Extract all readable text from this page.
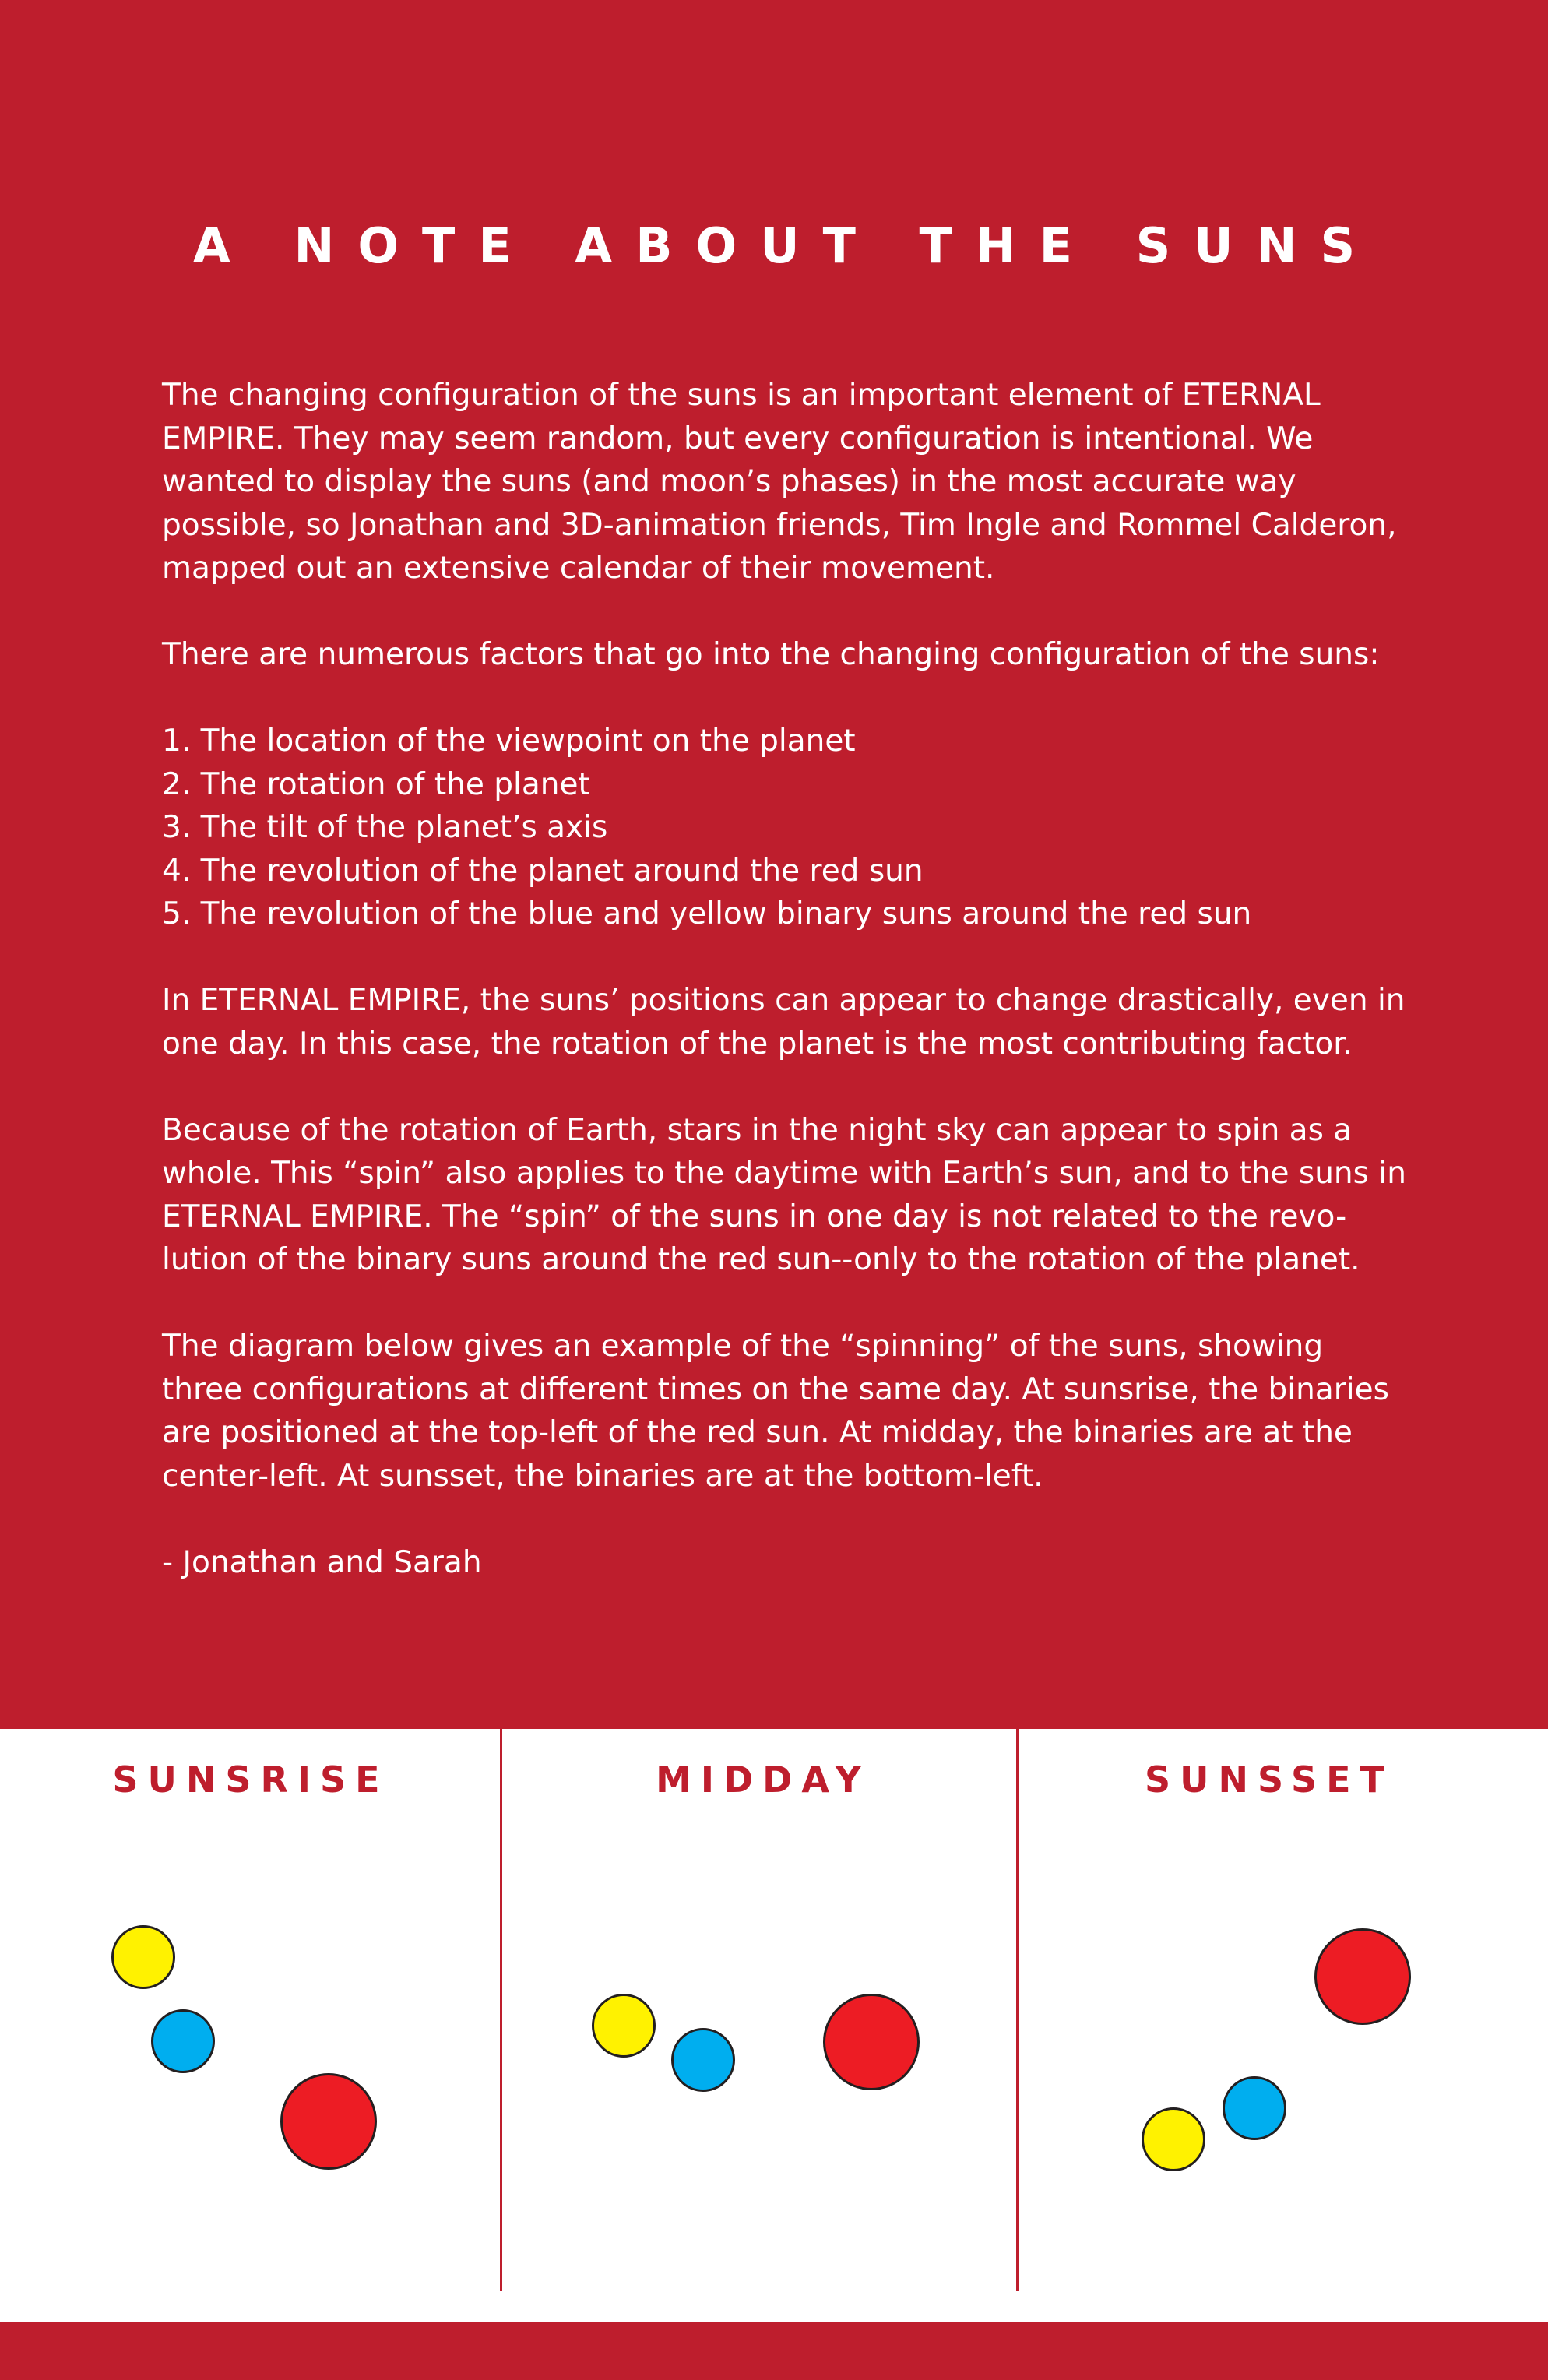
A NOTE ABOUT THE SUNS

The changing configuration of the suns is an important element of ETERNAL EMPIRE. They may seem random, but every configuration is intentional. We wanted to display the suns (and moon’s phases) in the most accurate way possible, so Jonathan and 3D-animation friends, Tim Ingle and Rommel Calderon, mapped out an extensive calendar of their movement.

There are numerous factors that go into the changing configuration of the suns:

1. The location of the viewpoint on the planet
2. The rotation of the planet
3. The tilt of the planet’s axis
4. The revolution of the planet around the red sun
5. The revolution of the blue and yellow binary suns around the red sun

In ETERNAL EMPIRE, the suns’ positions can appear to change drastically, even in one day. In this case, the rotation of the planet is the most contributing factor.

Because of the rotation of Earth, stars in the night sky can appear to spin as a whole. This “spin” also applies to the daytime with Earth’s sun, and to the suns in ETERNAL EMPIRE. The “spin” of the suns in one day is not related to the revo-lution of the binary suns around the red sun--only to the rotation of the planet.

The diagram below gives an example of the “spinning” of the suns, showing three configurations at different times on the same day. At sunsrise, the binaries are positioned at the top-left of the red sun. At midday, the binaries are at the center-left. At sunsset, the binaries are at the bottom-left.

- Jonathan and Sarah

SUNSRISE	MIDDAY	SUNSSET
